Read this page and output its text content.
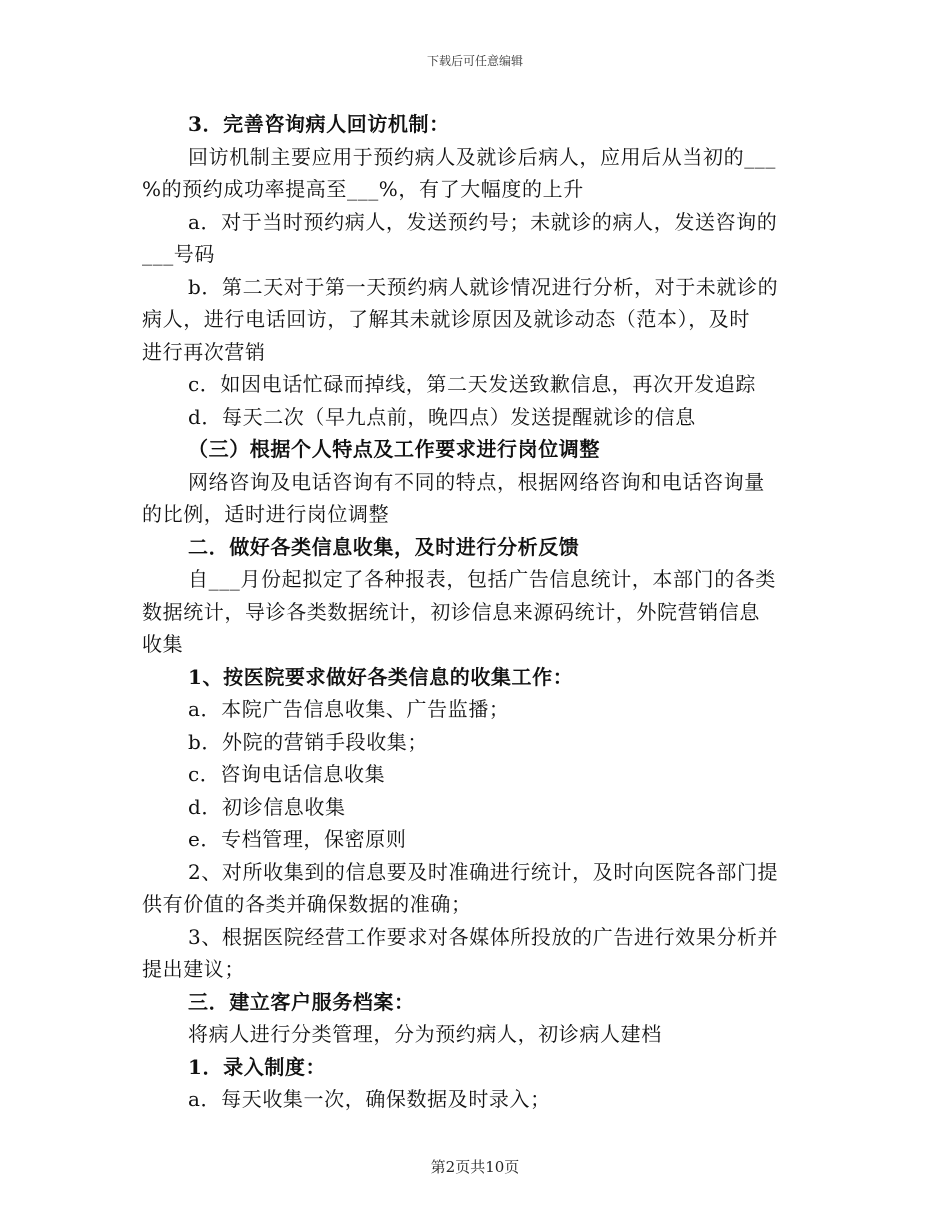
下载后可任意编辑
3．完善咨询病人回访机制：
回访机制主要应用于预约病人及就诊后病人，应用后从当初的___
%的预约成功率提高至___%，有了大幅度的上升
a．对于当时预约病人，发送预约号；未就诊的病人，发送咨询的
___号码
b．第二天对于第一天预约病人就诊情况进行分析，对于未就诊的
病人，进行电话回访，了解其未就诊原因及就诊动态（范本），及时
进行再次营销
c．如因电话忙碌而掉线，第二天发送致歉信息，再次开发追踪
d．每天二次（早九点前，晚四点）发送提醒就诊的信息
（三）根据个人特点及工作要求进行岗位调整
网络咨询及电话咨询有不同的特点，根据网络咨询和电话咨询量
的比例，适时进行岗位调整
二．做好各类信息收集，及时进行分析反馈
自___月份起拟定了各种报表，包括广告信息统计，本部门的各类
数据统计，导诊各类数据统计，初诊信息来源码统计，外院营销信息
收集
1、按医院要求做好各类信息的收集工作：
a．本院广告信息收集、广告监播；
b．外院的营销手段收集；
c．咨询电话信息收集
d．初诊信息收集
e．专档管理，保密原则
2、对所收集到的信息要及时准确进行统计，及时向医院各部门提
供有价值的各类并确保数据的准确；
3、根据医院经营工作要求对各媒体所投放的广告进行效果分析并
提出建议；
三．建立客户服务档案：
将病人进行分类管理，分为预约病人，初诊病人建档
1．录入制度：
a．每天收集一次，确保数据及时录入；
第2页共10页
